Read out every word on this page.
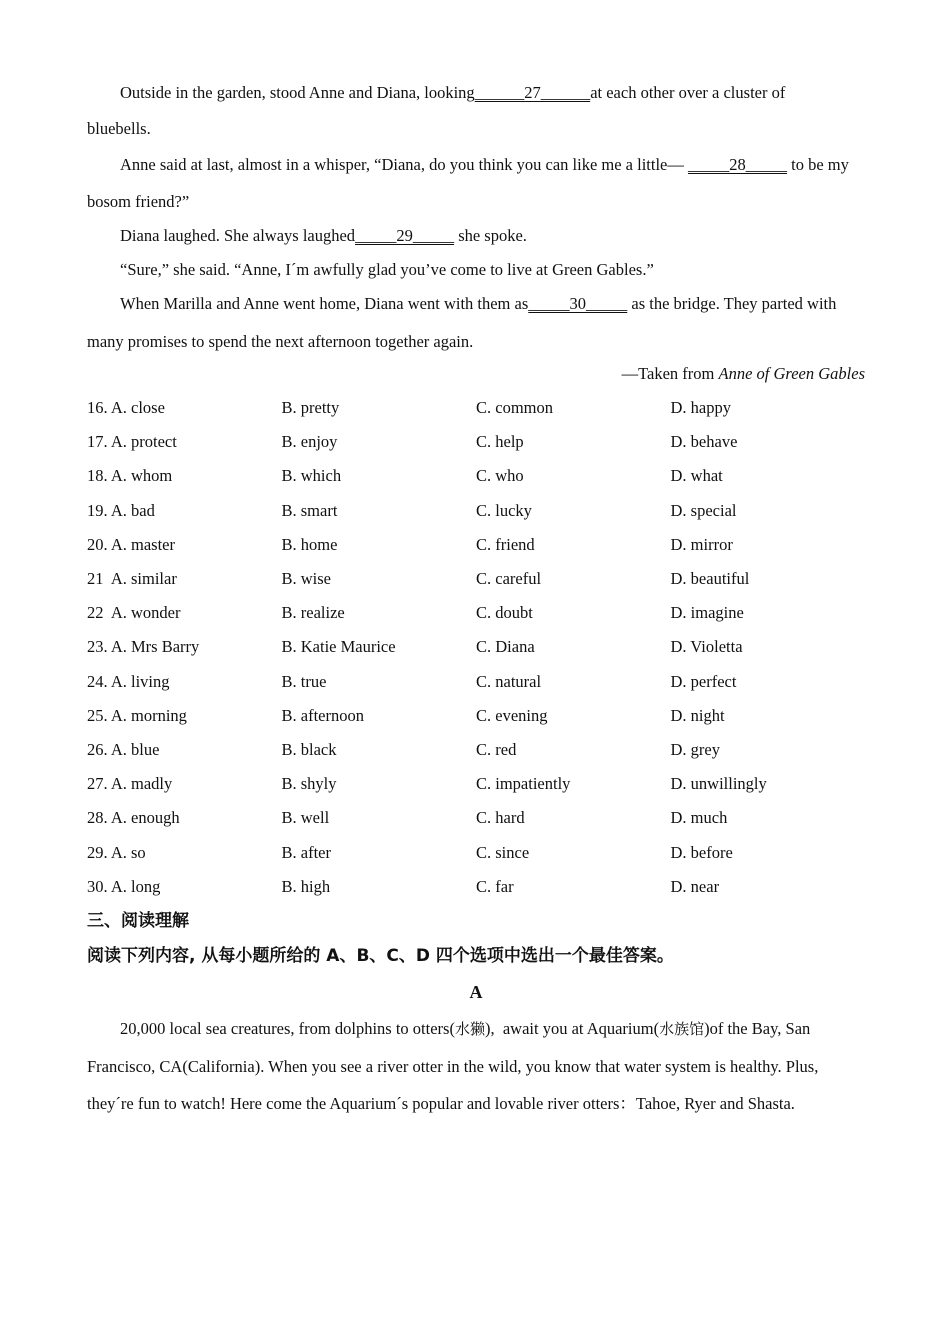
Outside in the garden, stood Anne and Diana, looking______27______at each other over a cluster of

bluebells.

Anne said at last, almost in a whisper, “Diana, do you think you can like me a little— _____28_____ to be my

bosom friend?”

Diana laughed. She always laughed_____29_____ she spoke.

“Sure,” she said. “Anne, Iˊm awfully glad you’ve come to live at Green Gables.”

When Marilla and Anne went home, Diana went with them as_____30_____ as the bridge. They parted with

many promises to spend the next afternoon together again.

—Taken from Anne of Green Gables

16. A. close	B. pretty	C. common	D. happy
17. A. protect	B. enjoy	C. help	D. behave
18. A. whom	B. which	C. who	D. what
19. A. bad	B. smart	C. lucky	D. special
20. A. master	B. home	C. friend	D. mirror
21  A. similar	B. wise	C. careful	D. beautiful
22  A. wonder	B. realize	C. doubt	D. imagine
23. A. Mrs Barry	B. Katie Maurice	C. Diana	D. Violetta
24. A. living	B. true	C. natural	D. perfect
25. A. morning	B. afternoon	C. evening	D. night
26. A. blue	B. black	C. red	D. grey
27. A. madly	B. shyly	C. impatiently	D. unwillingly
28. A. enough	B. well	C. hard	D. much
29. A. so	B. after	C. since	D. before
30. A. long	B. high	C. far	D. near

三、阅读理解

阅读下列内容, 从每小题所给的 A、B、C、D 四个选项中选出一个最佳答案。

A

20,000 local sea creatures, from dolphins to otters(水獭),  await you at Aquarium(水族馆)of the Bay, San

Francisco, CA(California). When you see a river otter in the wild, you know that water system is healthy. Plus,

theyˊre fun to watch! Here come the Aquariumˊs popular and lovable river otters：Tahoe, Ryer and Shasta.
